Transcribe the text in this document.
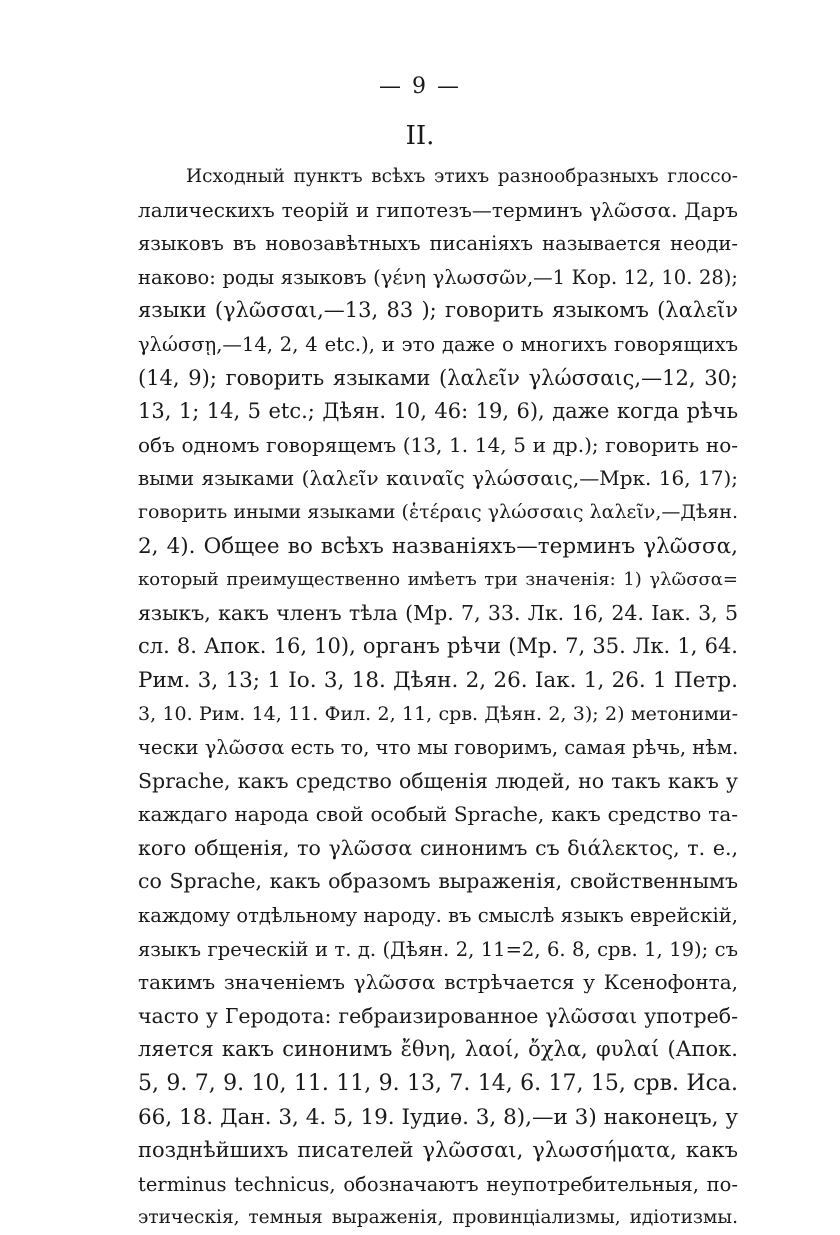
— 9 —
II.
Исходный пунктъ всѣхъ этихъ разнообразныхъ глоссо-
лалическихъ теорій и гипотезъ—терминъ γλῶσσα. Даръ
языковъ въ новозавѣтныхъ писаніяхъ называется неоди-
наково: роды языковъ (γένη γλωσσῶν,—1 Кор. 12, 10. 28);
языки (γλῶσσαι,—13, 83 ); говорить языкомъ (λαλεῖν
γλώσσῃ,—14, 2, 4 etc.), и это даже о многихъ говорящихъ
(14, 9); говорить языками (λαλεῖν γλώσσαις,—12, 30;
13, 1; 14, 5 etc.; Дѣян. 10, 46: 19, 6), даже когда рѣчь
объ одномъ говорящемъ (13, 1. 14, 5 и др.); говорить но-
выми языками (λαλεῖν καιναῖς γλώσσαις,—Мрк. 16, 17);
говорить иными языками (ἑτέραις γλώσσαις λαλεῖν,—Дѣян.
2, 4). Общее во всѣхъ названіяхъ—терминъ γλῶσσα,
который преимущественно имѣетъ три значенія: 1) γλῶσσα=
языкъ, какъ членъ тѣла (Мр. 7, 33. Лк. 16, 24. Іак. 3, 5
сл. 8. Апок. 16, 10), органъ рѣчи (Мр. 7, 35. Лк. 1, 64.
Рим. 3, 13; 1 Іо. 3, 18. Дѣян. 2, 26. Іак. 1, 26. 1 Петр.
3, 10. Рим. 14, 11. Фил. 2, 11, срв. Дѣян. 2, 3); 2) метоними-
чески γλῶσσα есть то, что мы говоримъ, самая рѣчь, нѣм.
Sprache, какъ средство общенія людей, но такъ какъ у
каждаго народа свой особый Sprache, какъ средство та-
кого общенія, то γλῶσσα синонимъ съ διάλεκτος, т. е.,
со Sprache, какъ образомъ выраженія, свойственнымъ
каждому отдѣльному народу. въ смыслѣ языкъ еврейскій,
языкъ греческій и т. д. (Дѣян. 2, 11=2, 6. 8, срв. 1, 19); съ
такимъ значеніемъ γλῶσσα встрѣчается у Ксенофонта,
часто у Геродота: гебраизированное γλῶσσαι употреб-
ляется какъ синонимъ ἔθνη, λαοί, ὄχλα, φυλαί (Апок.
5, 9. 7, 9. 10, 11. 11, 9. 13, 7. 14, 6. 17, 15, срв. Иса.
66, 18. Дан. 3, 4. 5, 19. Іудиѳ. 3, 8),—и 3) наконецъ, у
позднѣйшихъ писателей γλῶσσαι, γλωσσήματα, какъ
terminus technicus, обозначаютъ неупотребительныя, по-
этическія, темныя выраженія, провинціализмы, идіотизмы.
